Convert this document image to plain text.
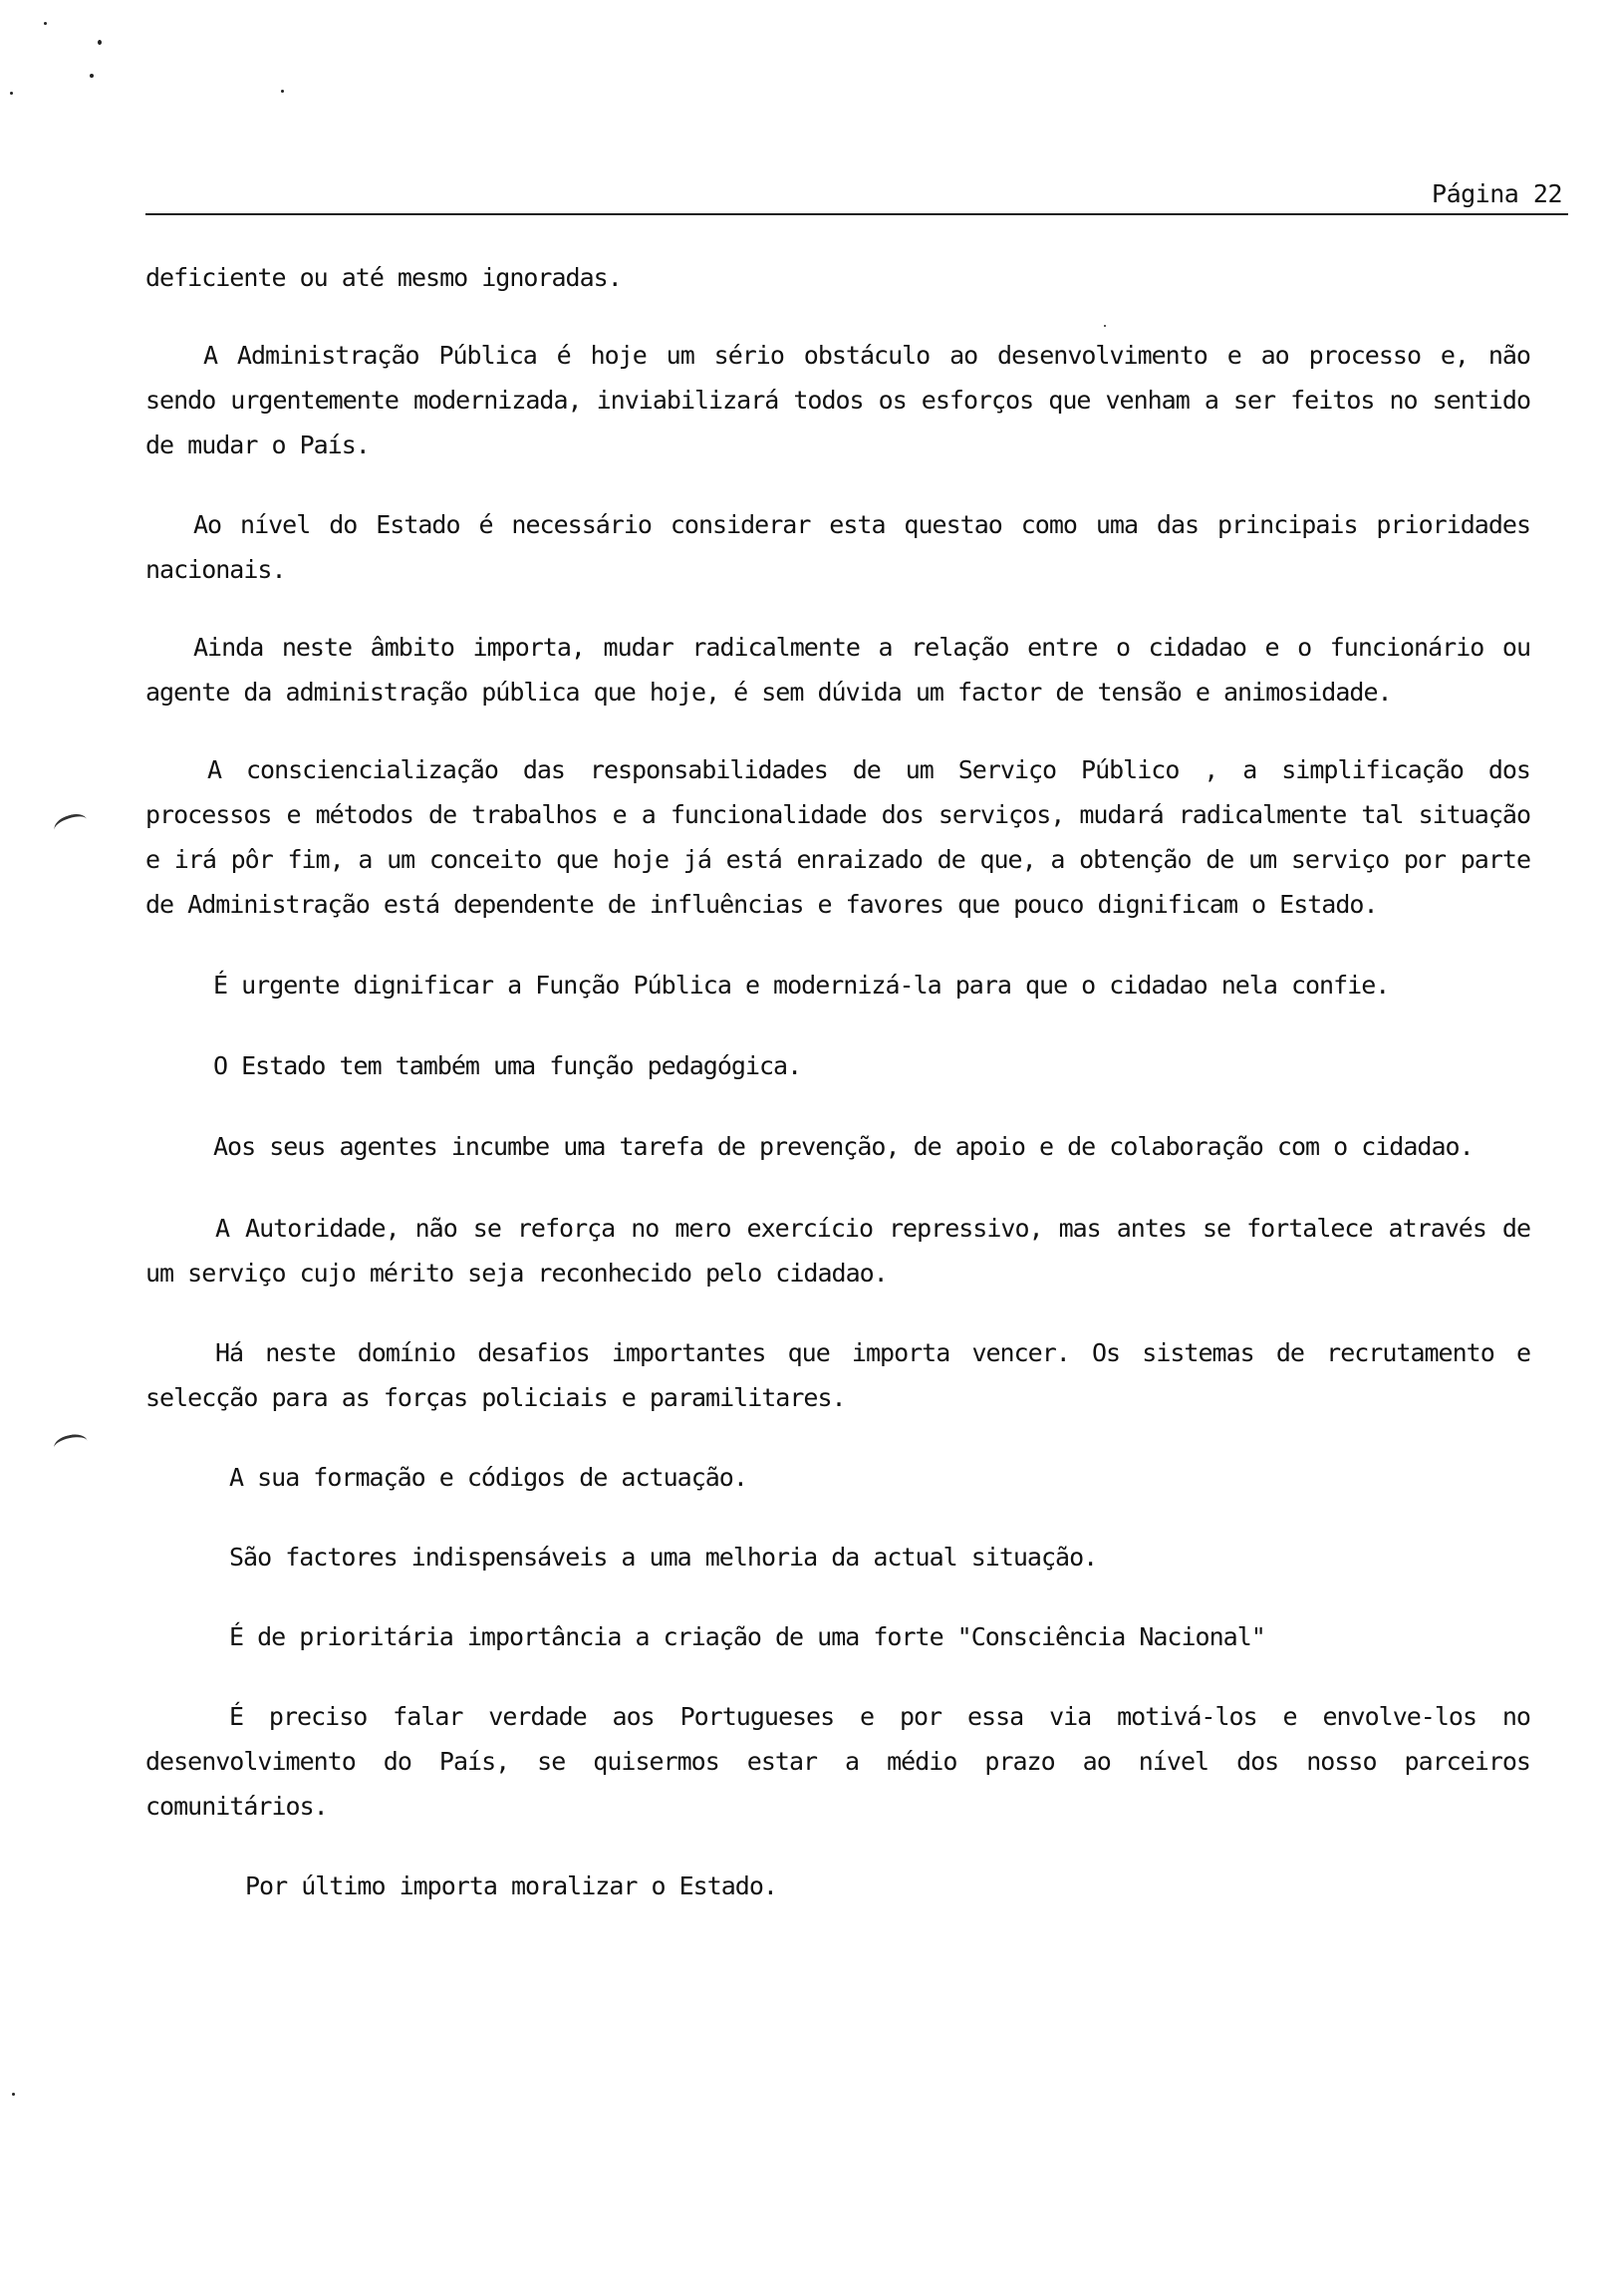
Página 22

deficiente ou até mesmo ignoradas.

A Administração Pública é hoje um sério obstáculo ao desenvolvimento e ao processo e, não sendo urgentemente modernizada, inviabilizará todos os esforços que venham a ser feitos no sentido de mudar o País.

Ao nível do Estado é necessário considerar esta questao como uma das principais prioridades nacionais.

Ainda neste âmbito importa, mudar radicalmente a relação entre o cidadao e o funcionário ou agente da administração pública que hoje, é sem dúvida um factor de tensão e animosidade.

A consciencialização das responsabilidades de um Serviço Público , a simplificação dos processos e métodos de trabalhos e a funcionalidade dos serviços, mudará radicalmente tal situação e irá pôr fim, a um conceito que hoje já está enraizado de que, a obtenção de um serviço por parte de Administração está dependente de influências e favores que pouco dignificam o Estado.

É urgente dignificar a Função Pública e modernizá-la para que o cidadao nela confie.

O Estado tem também uma função pedagógica.

Aos seus agentes incumbe uma tarefa de prevenção, de apoio e de colaboração com o cidadao.

A Autoridade, não se reforça no mero exercício repressivo, mas antes se fortalece através de um serviço cujo mérito seja reconhecido pelo cidadao.

Há neste domínio desafios importantes que importa vencer. Os sistemas de recrutamento e selecção para as forças policiais e paramilitares.

A sua formação e códigos de actuação.

São factores indispensáveis a uma melhoria da actual situação.

É de prioritária importância a criação de uma forte "Consciência Nacional"

É preciso falar verdade aos Portugueses e por essa via motivá-los e envolve-los no desenvolvimento do País, se quisermos estar a médio prazo ao nível dos nosso parceiros comunitários.

Por último importa moralizar o Estado.
